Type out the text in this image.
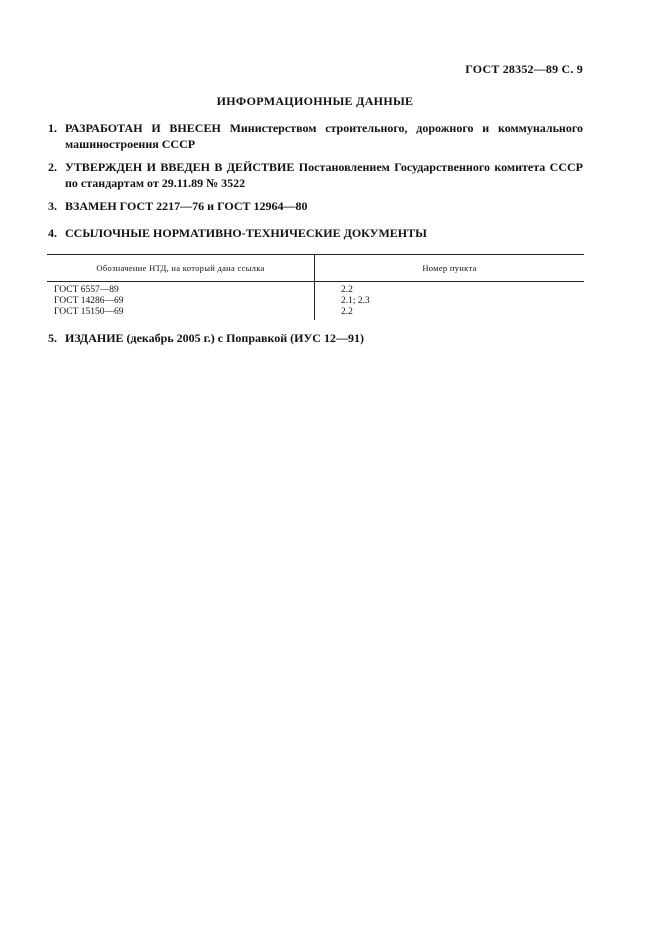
ГОСТ 28352—89 С. 9
ИНФОРМАЦИОННЫЕ ДАННЫЕ
1. РАЗРАБОТАН И ВНЕСЕН Министерством строительного, дорожного и коммунального машиностроения СССР
2. УТВЕРЖДЕН И ВВЕДЕН В ДЕЙСТВИЕ Постановлением Государственного комитета СССР по стандартам от 29.11.89 № 3522
3. ВЗАМЕН ГОСТ 2217—76 и ГОСТ 12964—80
4. ССЫЛОЧНЫЕ НОРМАТИВНО-ТЕХНИЧЕСКИЕ ДОКУМЕНТЫ
Обозначение НТД, на который дана ссылка	Номер пункта
ГОСТ 6557—89	2.2
ГОСТ 14286—69	2.1; 2.3
ГОСТ 15150—69	2.2
5. ИЗДАНИЕ (декабрь 2005 г.) с Поправкой (ИУС 12—91)
